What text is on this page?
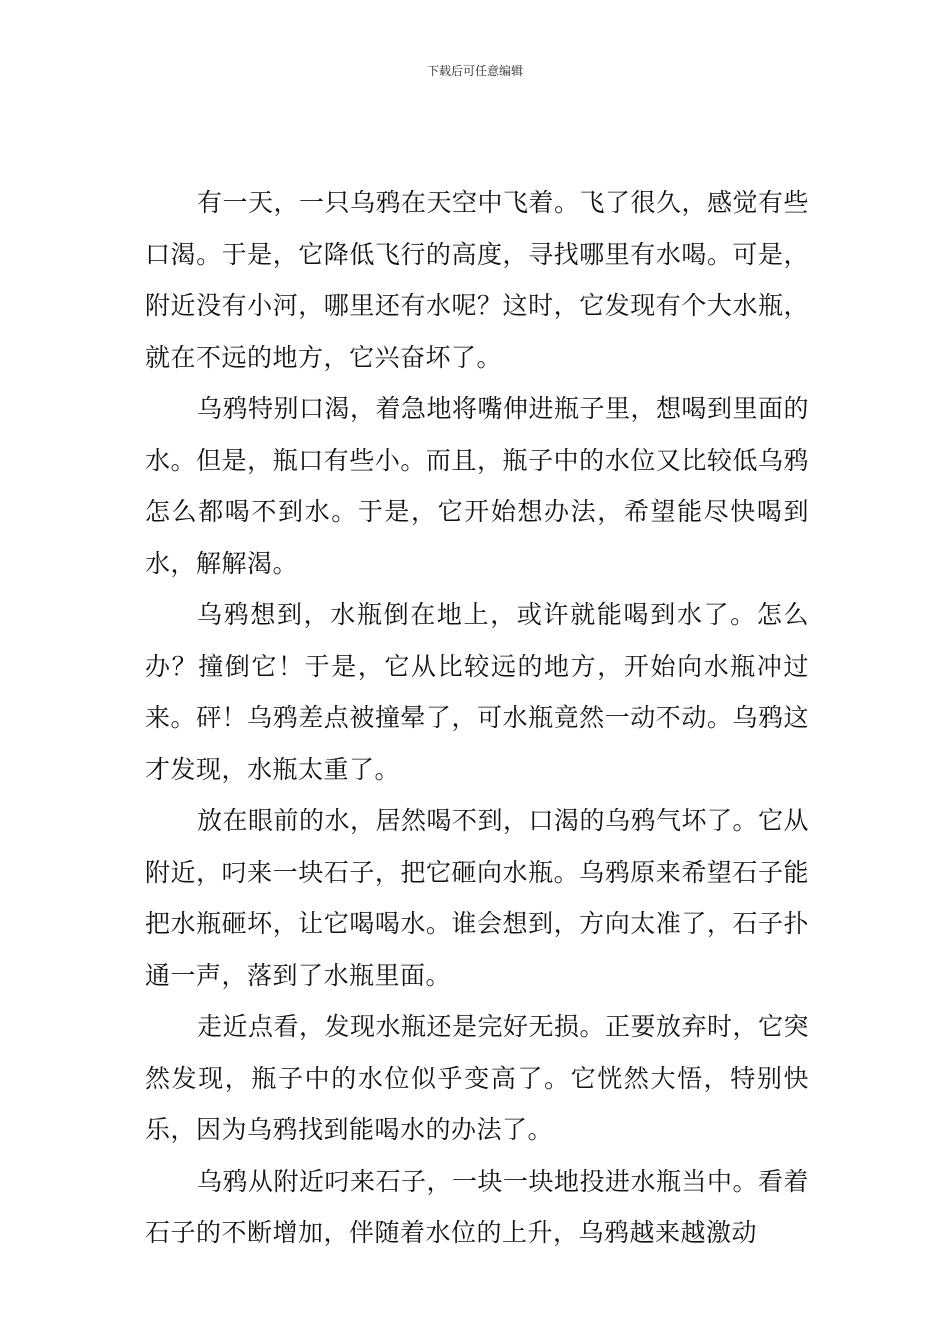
下载后可任意编辑

有一天，一只乌鸦在天空中飞着。飞了很久，感觉有些口渴。于是，它降低飞行的高度，寻找哪里有水喝。可是，附近没有小河，哪里还有水呢？这时，它发现有个大水瓶，就在不远的地方，它兴奋坏了。

乌鸦特别口渴，着急地将嘴伸进瓶子里，想喝到里面的水。但是，瓶口有些小。而且，瓶子中的水位又比较低乌鸦怎么都喝不到水。于是，它开始想办法，希望能尽快喝到水，解解渴。

乌鸦想到，水瓶倒在地上，或许就能喝到水了。怎么办？撞倒它！于是，它从比较远的地方，开始向水瓶冲过来。砰！乌鸦差点被撞晕了，可水瓶竟然一动不动。乌鸦这才发现，水瓶太重了。

放在眼前的水，居然喝不到，口渴的乌鸦气坏了。它从附近，叼来一块石子，把它砸向水瓶。乌鸦原来希望石子能把水瓶砸坏，让它喝喝水。谁会想到，方向太准了，石子扑通一声，落到了水瓶里面。

走近点看，发现水瓶还是完好无损。正要放弃时，它突然发现，瓶子中的水位似乎变高了。它恍然大悟，特别快乐，因为乌鸦找到能喝水的办法了。

乌鸦从附近叼来石子，一块一块地投进水瓶当中。看着石子的不断增加，伴随着水位的上升，乌鸦越来越激动
